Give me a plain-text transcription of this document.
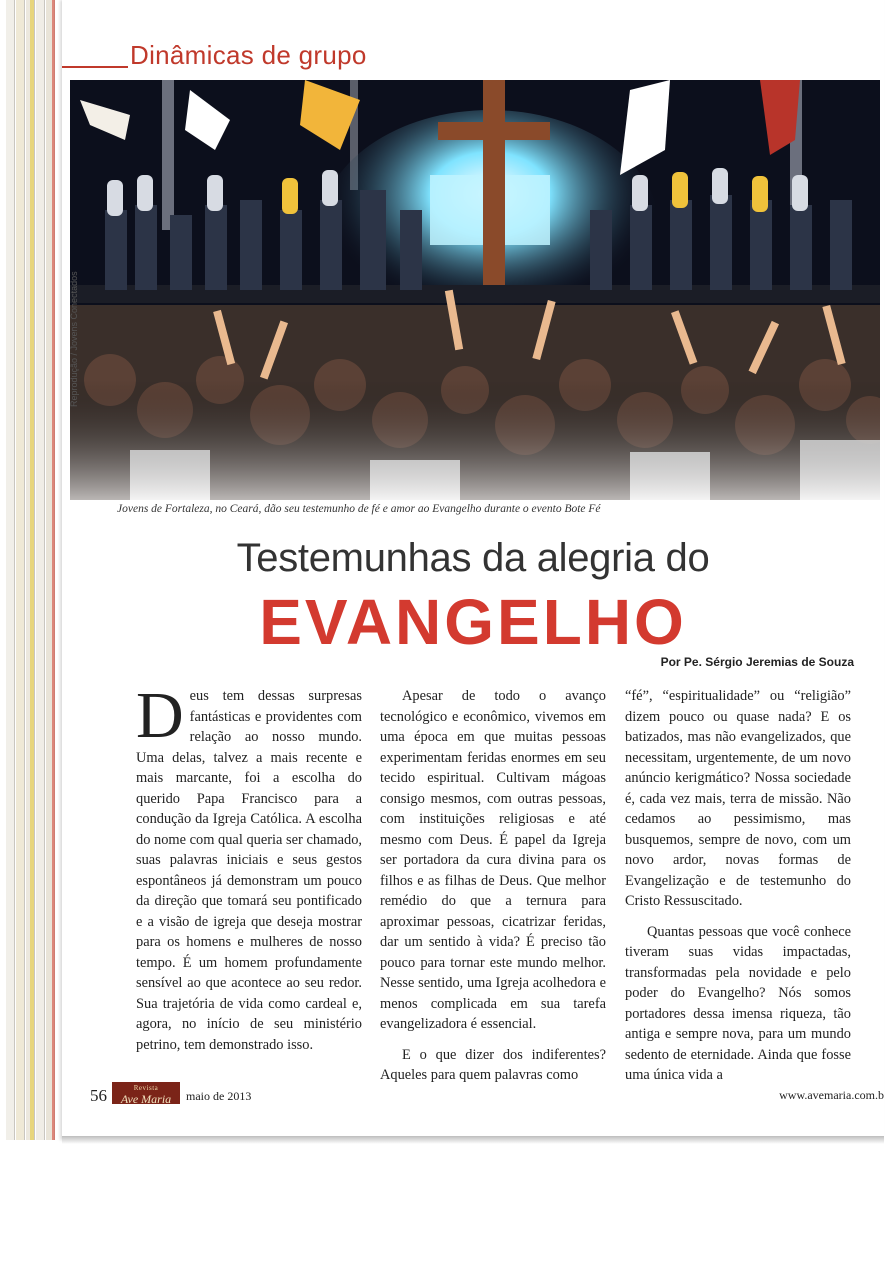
Dinâmicas de grupo
Reprodução / Jovens Conectados
Jovens de Fortaleza, no Ceará, dão seu testemunho de fé e amor ao Evangelho durante o evento Bote Fé
Testemunhas da alegria do
EVANGELHO
Por Pe. Sérgio Jeremias de Souza

Deus tem dessas surpresas fantásticas e providentes com relação ao nosso mundo. Uma delas, talvez a mais recente e mais marcante, foi a escolha do querido Papa Francisco para a condução da Igreja Católica. A escolha do nome com qual queria ser chamado, suas palavras iniciais e seus gestos espontâneos já demonstram um pouco da direção que tomará seu pontificado e a visão de igreja que deseja mostrar para os homens e mulheres de nosso tempo. É um homem profundamente sensível ao que acontece ao seu redor. Sua trajetória de vida como cardeal e, agora, no início de seu ministério petrino, tem demonstrado isso.

Apesar de todo o avanço tecnológico e econômico, vivemos em uma época em que muitas pessoas experimentam feridas enormes em seu tecido espiritual. Cultivam mágoas consigo mesmos, com outras pessoas, com instituições religiosas e até mesmo com Deus. É papel da Igreja ser portadora da cura divina para os filhos e as filhas de Deus. Que melhor remédio do que a ternura para aproximar pessoas, cicatrizar feridas, dar um sentido à vida? É preciso tão pouco para tornar este mundo melhor. Nesse sentido, uma Igreja acolhedora e menos complicada em sua tarefa evangelizadora é essencial.

E o que dizer dos indiferentes? Aqueles para quem palavras como

“fé”, “espiritualidade” ou “religião” dizem pouco ou quase nada? E os batizados, mas não evangelizados, que necessitam, urgentemente, de um novo anúncio kerigmático? Nossa sociedade é, cada vez mais, terra de missão. Não cedamos ao pessimismo, mas busquemos, sempre de novo, com um novo ardor, novas formas de Evangelização e de testemunho do Cristo Ressuscitado.

Quantas pessoas que você conhece tiveram suas vidas impactadas, transformadas pela novidade e pelo poder do Evangelho? Nós somos portadores dessa imensa riqueza, tão antiga e sempre nova, para um mundo sedento de eternidade. Ainda que fosse uma única vida a

56	Revista
Ave Maria	maio de 2013	www.avemaria.com.b
